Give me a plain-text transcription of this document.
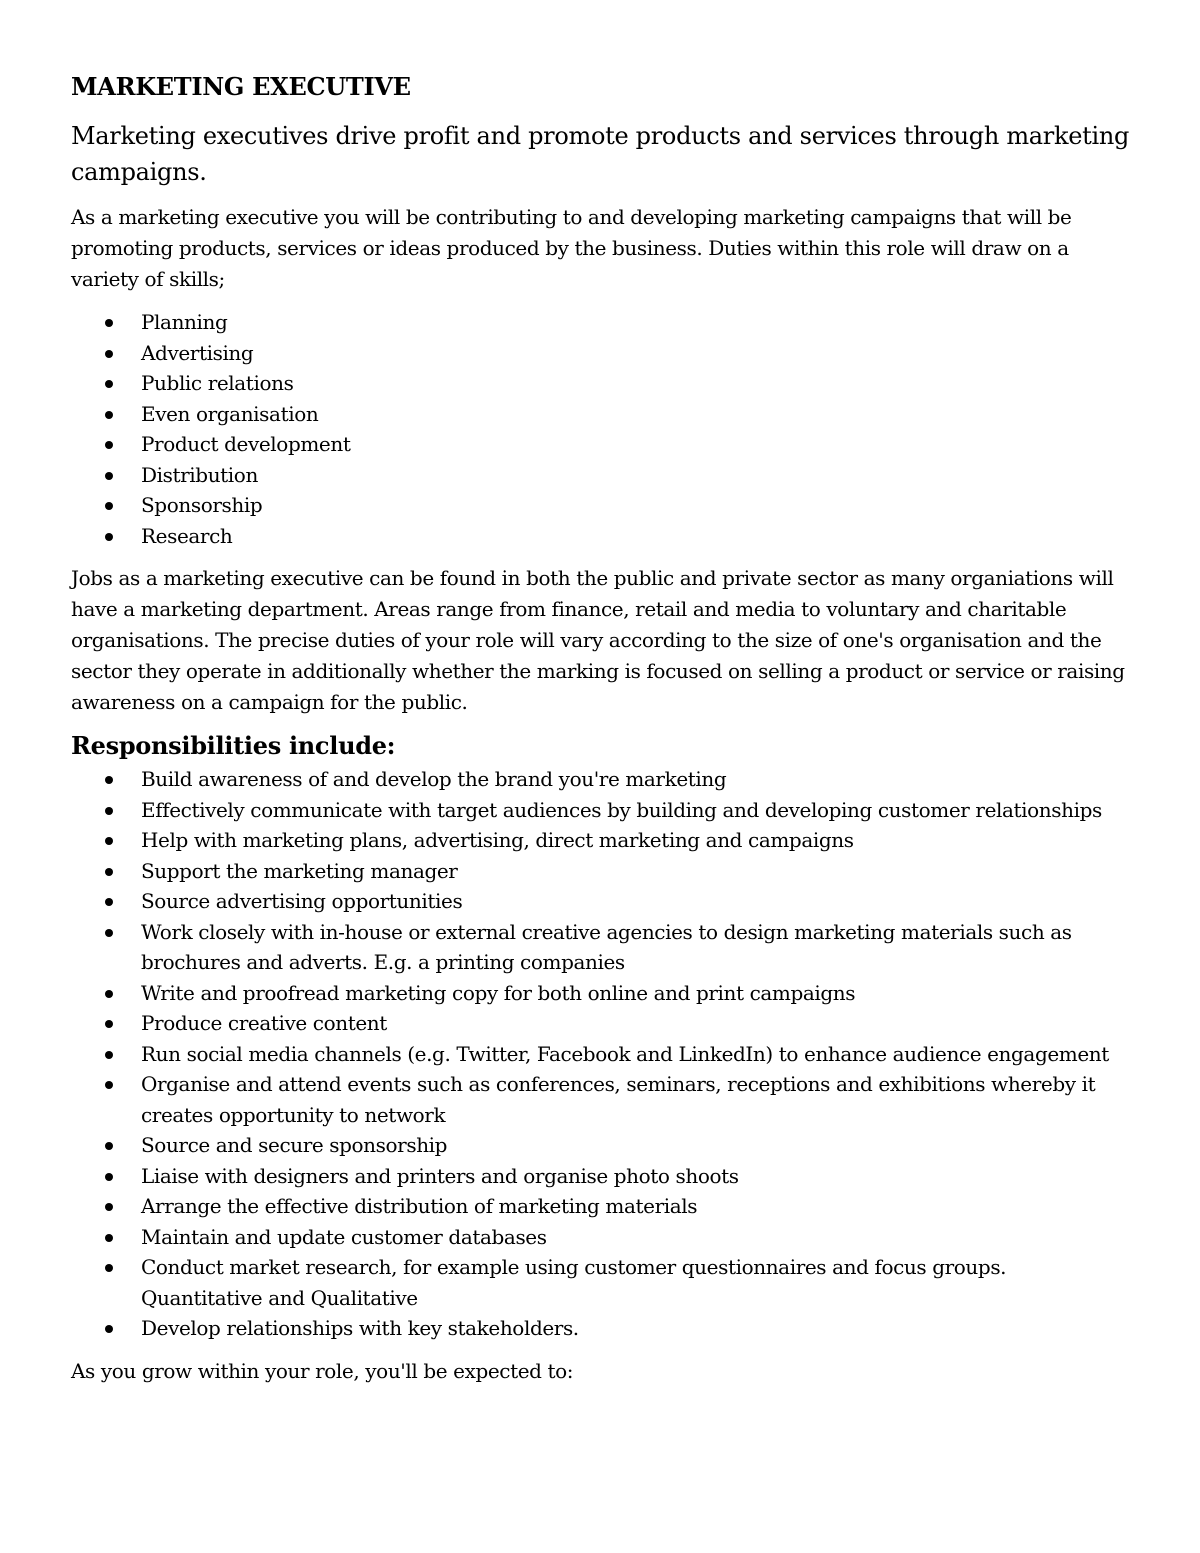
MARKETING EXECUTIVE

Marketing executives drive profit and promote products and services through marketing campaigns.

As a marketing executive you will be contributing to and developing marketing campaigns that will be promoting products, services or ideas produced by the business. Duties within this role will draw on a variety of skills;

Planning
Advertising
Public relations
Even organisation
Product development
Distribution
Sponsorship
Research

Jobs as a marketing executive can be found in both the public and private sector as many organiations will have a marketing department. Areas range from finance, retail and media to voluntary and charitable organisations. The precise duties of your role will vary according to the size of one's organisation and the sector they operate in additionally whether the marking is focused on selling a product or service or raising awareness on a campaign for the public.

Responsibilities include:
Build awareness of and develop the brand you're marketing
Effectively communicate with target audiences by building and developing customer relationships
Help with marketing plans, advertising, direct marketing and campaigns
Support the marketing manager
Source advertising opportunities
Work closely with in-house or external creative agencies to design marketing materials such as brochures and adverts. E.g. a printing companies
Write and proofread marketing copy for both online and print campaigns
Produce creative content
Run social media channels (e.g. Twitter, Facebook and LinkedIn) to enhance audience engagement
Organise and attend events such as conferences, seminars, receptions and exhibitions whereby it creates opportunity to network
Source and secure sponsorship
Liaise with designers and printers and organise photo shoots
Arrange the effective distribution of marketing materials
Maintain and update customer databases
Conduct market research, for example using customer questionnaires and focus groups. Quantitative and Qualitative
Develop relationships with key stakeholders.

As you grow within your role, you'll be expected to:
